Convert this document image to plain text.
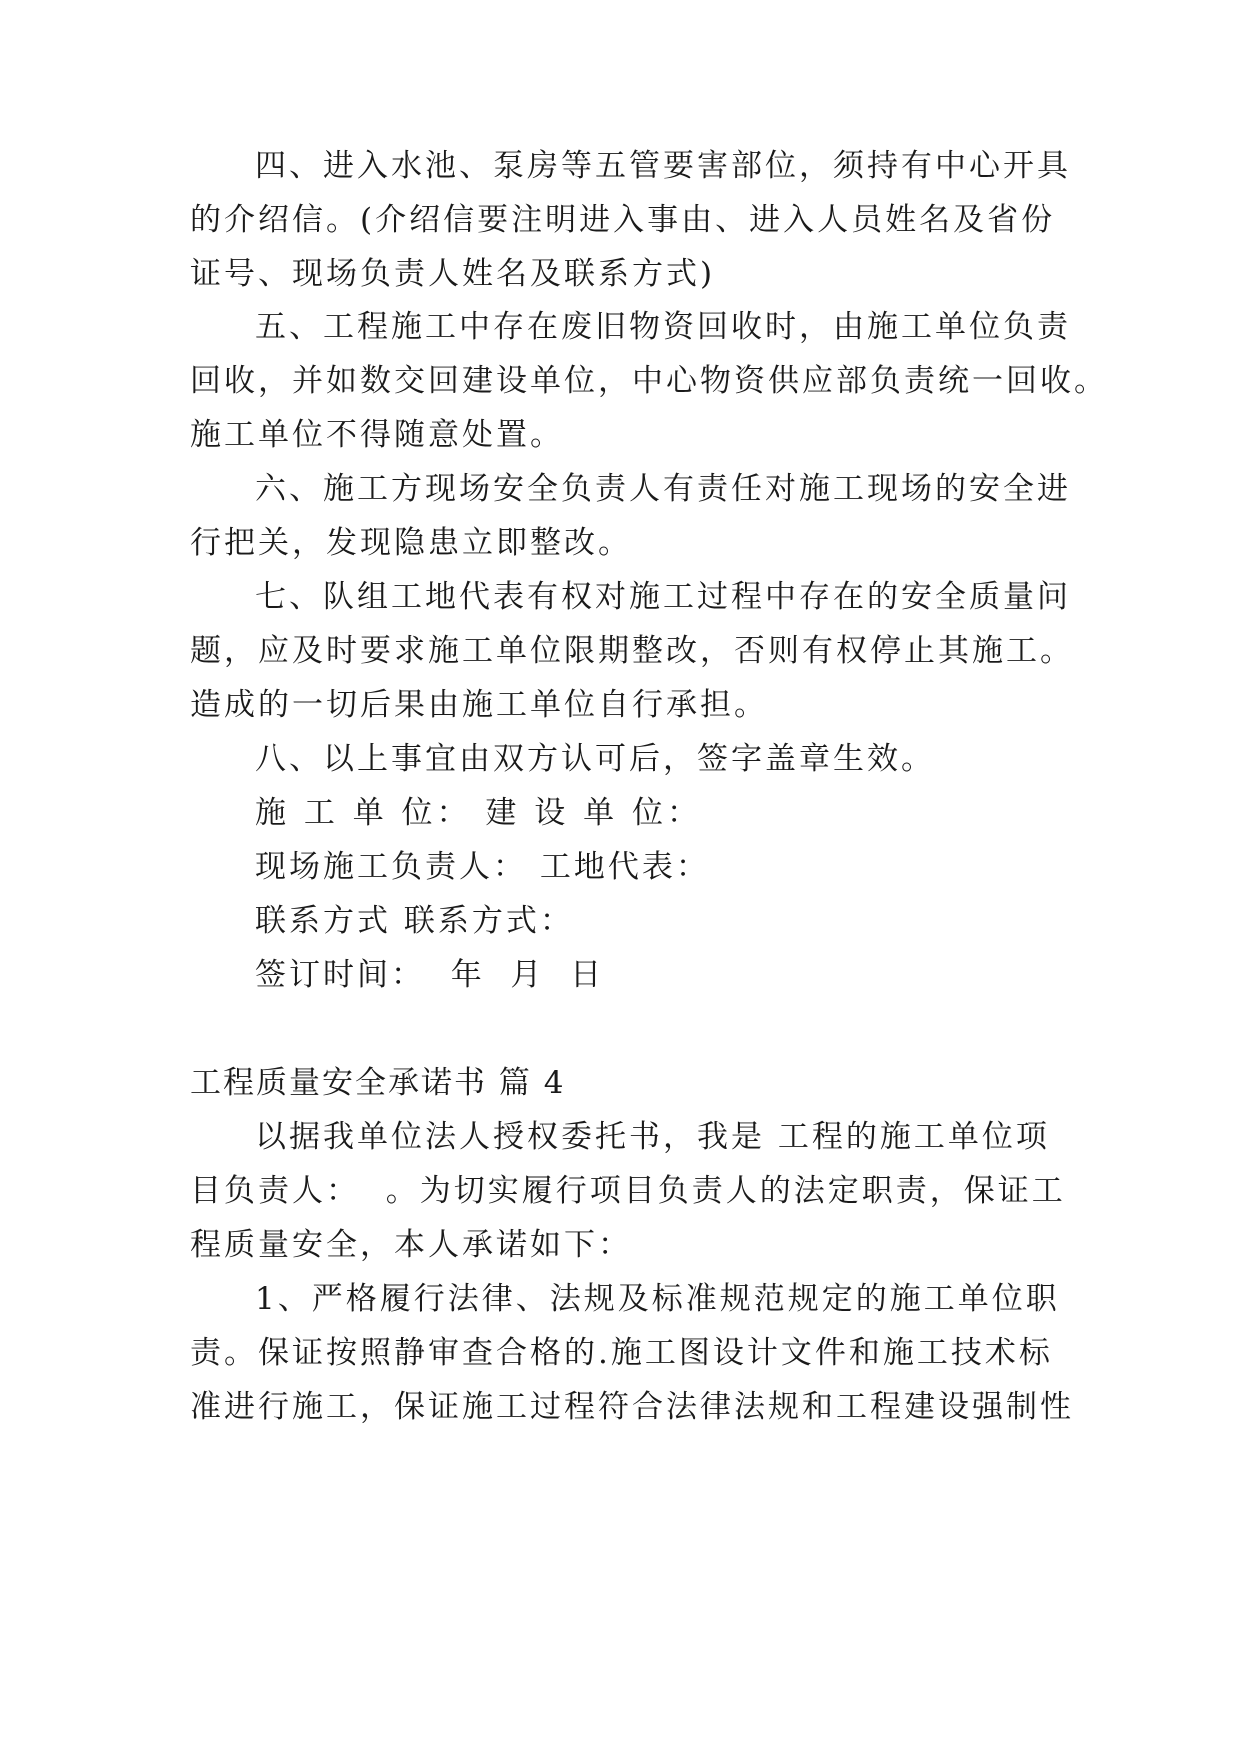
四、进入水池、泵房等五管要害部位，须持有中心开具
的介绍信。(介绍信要注明进入事由、进入人员姓名及省份
证号、现场负责人姓名及联系方式)
五、工程施工中存在废旧物资回收时，由施工单位负责
回收，并如数交回建设单位，中心物资供应部负责统一回收。
施工单位不得随意处置。
六、施工方现场安全负责人有责任对施工现场的安全进
行把关，发现隐患立即整改。
七、队组工地代表有权对施工过程中存在的安全质量问
题，应及时要求施工单位限期整改，否则有权停止其施工。
造成的一切后果由施工单位自行承担。
八、以上事宜由双方认可后，签字盖章生效。
施 工 单 位： 建 设 单 位：
现场施工负责人： 工地代表：
联系方式 联系方式：
签订时间：  年  月  日
工程质量安全承诺书 篇 4
以据我单位法人授权委托书，我是 工程的施工单位项
目负责人：  。为切实履行项目负责人的法定职责，保证工
程质量安全，本人承诺如下：
1、严格履行法律、法规及标准规范规定的施工单位职
责。保证按照静审查合格的.施工图设计文件和施工技术标
准进行施工，保证施工过程符合法律法规和工程建设强制性
